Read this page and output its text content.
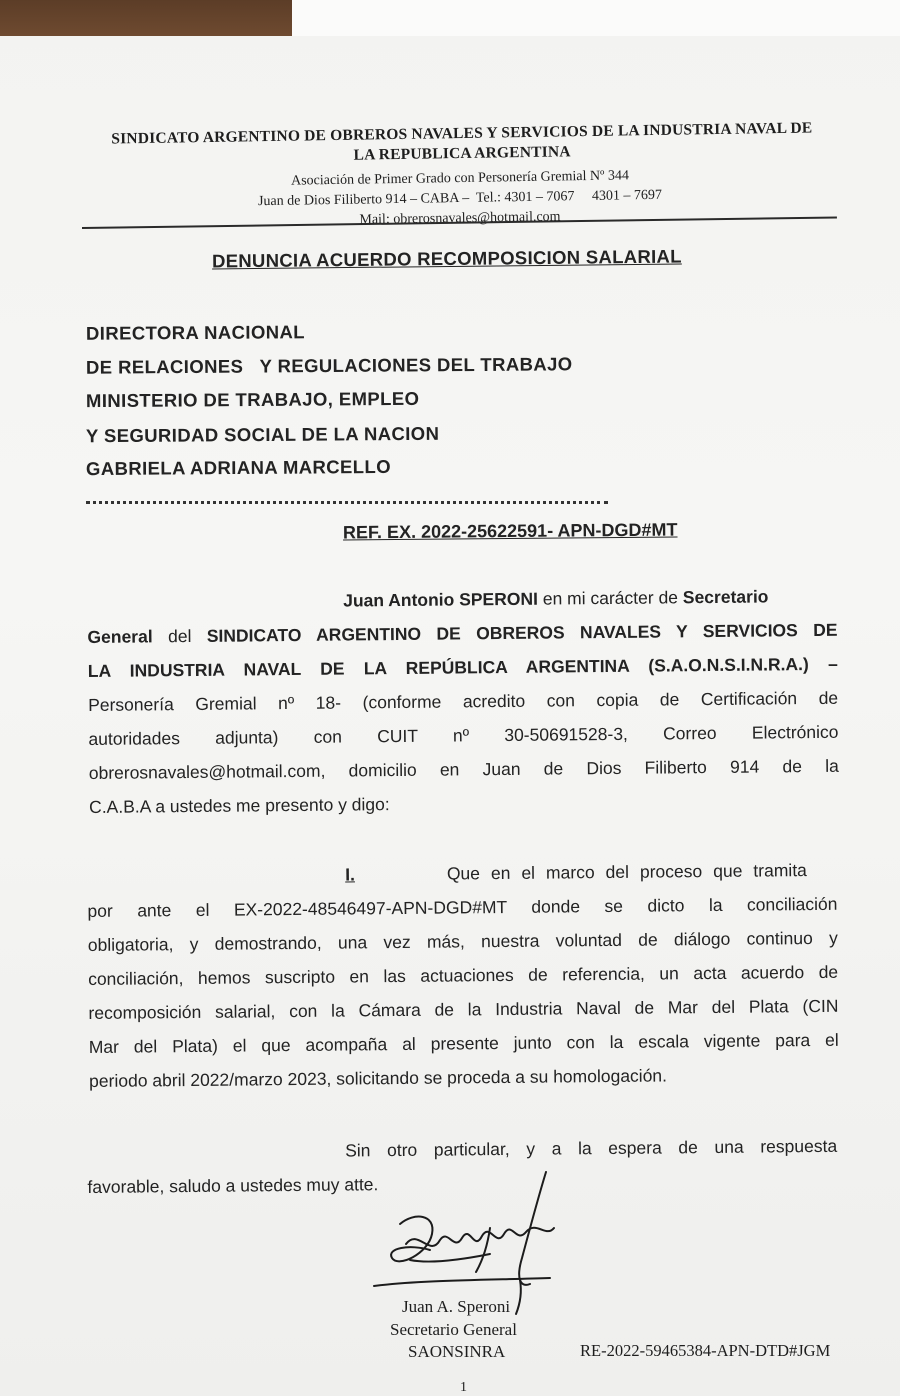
SINDICATO ARGENTINO DE OBREROS NAVALES Y SERVICIOS DE LA INDUSTRIA NAVAL DE
LA REPUBLICA ARGENTINA
Asociación de Primer Grado con Personería Gremial Nº 344
Juan de Dios Filiberto 914 – CABA –  Tel.: 4301 – 7067     4301 – 7697
Mail: obrerosnavales@hotmail.com
DENUNCIA ACUERDO RECOMPOSICION SALARIAL
DIRECTORA NACIONAL
DE RELACIONES   Y REGULACIONES DEL TRABAJO
MINISTERIO DE TRABAJO, EMPLEO
Y SEGURIDAD SOCIAL DE LA NACION
GABRIELA ADRIANA MARCELLO
REF. EX. 2022-25622591- APN-DGD#MT
Juan Antonio SPERONI en mi carácter de Secretario
General del SINDICATO ARGENTINO DE OBREROS NAVALES Y SERVICIOS DE
LA INDUSTRIA NAVAL DE LA REPÚBLICA ARGENTINA (S.A.O.N.S.I.N.R.A.) –
Personería Gremial nº 18- (conforme acredito con copia de Certificación de
autoridades adjunta) con CUIT nº 30-50691528-3, Correo Electrónico
obrerosnavales@hotmail.com, domicilio en Juan de Dios Filiberto 914 de la
C.A.B.A a ustedes me presento y digo:
I.	Que en el marco del proceso que tramita
por ante el EX-2022-48546497-APN-DGD#MT donde se dicto la conciliación
obligatoria, y demostrando, una vez más, nuestra voluntad de diálogo continuo y
conciliación, hemos suscripto en las actuaciones de referencia, un acta acuerdo de
recomposición salarial, con la Cámara de la Industria Naval de Mar del Plata (CIN
Mar del Plata) el que acompaña al presente junto con la escala vigente para el
periodo abril 2022/marzo 2023, solicitando se proceda a su homologación.
Sin otro particular, y a la espera de una respuesta
favorable, saludo a ustedes muy atte.
Juan A. Speroni
Secretario General
SAONSINRA	RE-2022-59465384-APN-DTD#JGM
1
